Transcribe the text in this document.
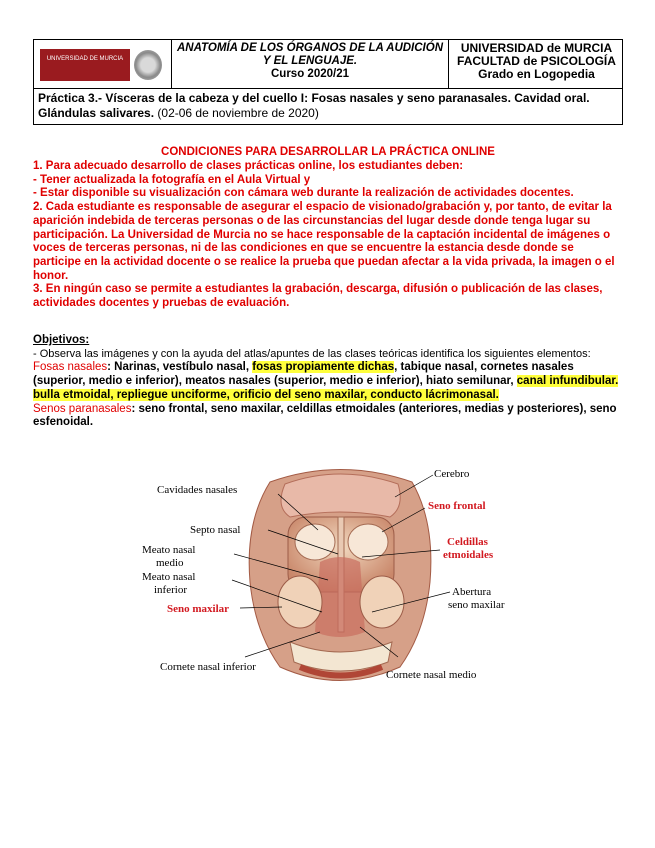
UNIVERSIDAD DE MURCIA
ANATOMÍA DE LOS ÓRGANOS DE LA AUDICIÓN Y EL LENGUAJE.
Curso 2020/21
UNIVERSIDAD de MURCIA
FACULTAD de PSICOLOGÍA
Grado en Logopedia
Práctica 3.- Vísceras de la cabeza y del cuello I: Fosas nasales y seno paranasales. Cavidad oral. Glándulas salivares. (02-06 de noviembre de 2020)
CONDICIONES PARA DESARROLLAR LA PRÁCTICA ONLINE
1. Para adecuado desarrollo de clases prácticas online, los estudiantes deben:
- Tener actualizada la fotografía en el Aula Virtual y
- Estar disponible su visualización con cámara web durante la realización de actividades docentes.
2. Cada estudiante es responsable de asegurar el espacio de visionado/grabación y, por tanto, de evitar la aparición indebida de terceras personas o de las circunstancias del lugar desde donde tenga lugar su participación. La Universidad de Murcia no se hace responsable de la captación incidental de imágenes o voces de terceras personas, ni de las condiciones en que se encuentre la estancia desde donde se participe en la actividad docente o se realice la prueba que puedan afectar a la vida privada, la imagen o el honor.
3. En ningún caso se permite a estudiantes la grabación, descarga, difusión o publicación de las clases, actividades docentes y pruebas de evaluación.
Objetivos:
- Observa las imágenes y con la ayuda del atlas/apuntes de las clases teóricas identifica los siguientes elementos:
Fosas nasales: Narinas, vestíbulo nasal, fosas propiamente dichas, tabique nasal, cornetes nasales (superior, medio e inferior), meatos nasales (superior, medio e inferior), hiato semilunar, canal infundibular. bulla etmoidal, repliegue unciforme, orificio del seno maxilar, conducto lácrimonasal.
Senos paranasales: seno frontal, seno maxilar, celdillas etmoidales (anteriores, medias y posteriores), seno esfenoidal.
Cerebro
Cavidades nasales
Seno frontal
Septo nasal
Celdillas
etmoidales
Meato nasal
medio
Meato nasal
inferior	Abertura
seno maxilar
Seno maxilar
Cornete nasal inferior
Cornete nasal medio
